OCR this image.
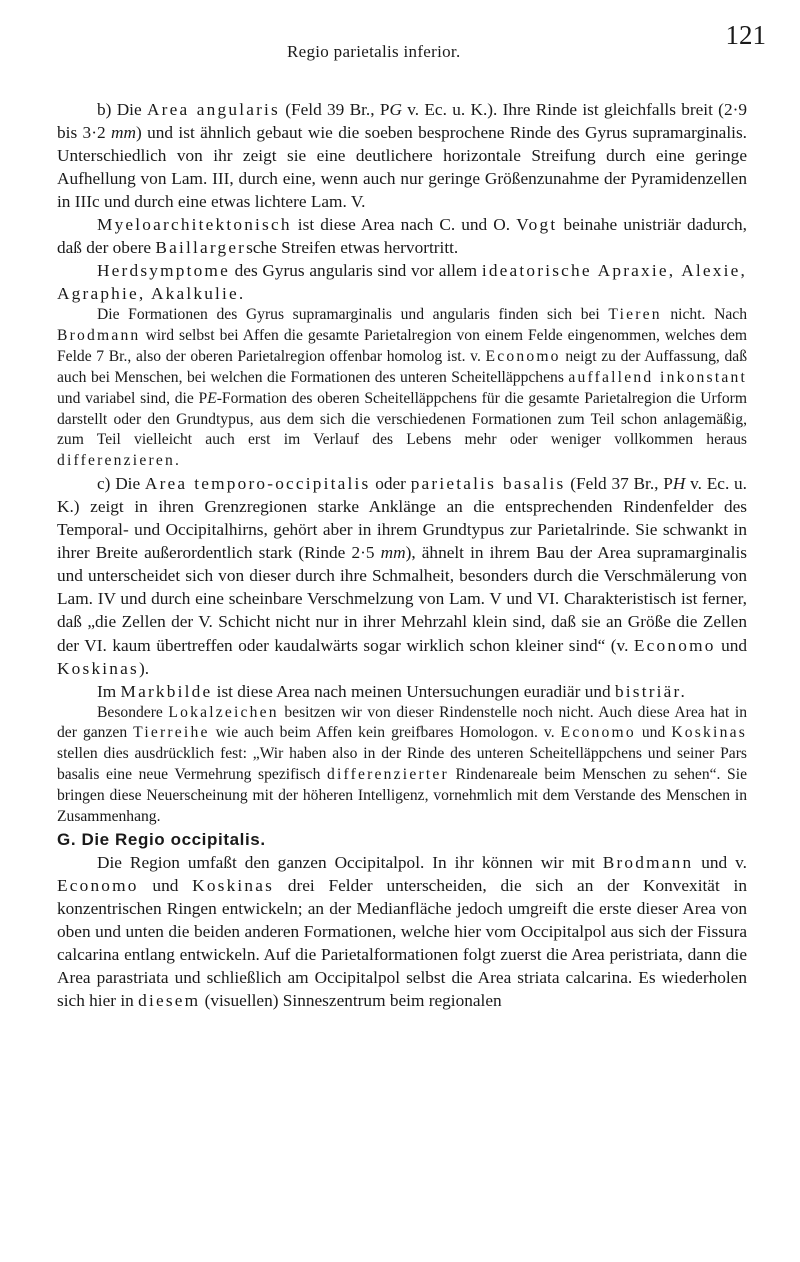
Regio parietalis inferior.
121

b) Die Area angularis (Feld 39 Br., PG v. Ec. u. K.). Ihre Rinde ist gleichfalls breit (2·9 bis 3·2 mm) und ist ähnlich gebaut wie die soeben besprochene Rinde des Gyrus supramarginalis. Unterschiedlich von ihr zeigt sie eine deutlichere horizontale Streifung durch eine geringe Aufhellung von Lam. III, durch eine, wenn auch nur geringe Größenzunahme der Pyramidenzellen in IIIc und durch eine etwas lichtere Lam. V.

Myeloarchitektonisch ist diese Area nach C. und O. Vogt beinahe unistriär dadurch, daß der obere Baillargersche Streifen etwas hervortritt.

Herdsymptome des Gyrus angularis sind vor allem ideatorische Apraxie, Alexie, Agraphie, Akalkulie.

Die Formationen des Gyrus supramarginalis und angularis finden sich bei Tieren nicht. Nach Brodmann wird selbst bei Affen die gesamte Parietalregion von einem Felde eingenommen, welches dem Felde 7 Br., also der oberen Parietalregion offenbar homolog ist. v. Economo neigt zu der Auffassung, daß auch bei Menschen, bei welchen die Formationen des unteren Scheitelläppchens auffallend inkonstant und variabel sind, die PE-Formation des oberen Scheitelläppchens für die gesamte Parietalregion die Urform darstellt oder den Grundtypus, aus dem sich die verschiedenen Formationen zum Teil schon anlagemäßig, zum Teil vielleicht auch erst im Verlauf des Lebens mehr oder weniger vollkommen heraus differenzieren.

c) Die Area temporo-occipitalis oder parietalis basalis (Feld 37 Br., PH v. Ec. u. K.) zeigt in ihren Grenzregionen starke Anklänge an die entsprechenden Rindenfelder des Temporal- und Occipitalhirns, gehört aber in ihrem Grundtypus zur Parietalrinde. Sie schwankt in ihrer Breite außerordentlich stark (Rinde 2·5 mm), ähnelt in ihrem Bau der Area supramarginalis und unterscheidet sich von dieser durch ihre Schmalheit, besonders durch die Verschmälerung von Lam. IV und durch eine scheinbare Verschmelzung von Lam. V und VI. Charakteristisch ist ferner, daß „die Zellen der V. Schicht nicht nur in ihrer Mehrzahl klein sind, daß sie an Größe die Zellen der VI. kaum übertreffen oder kaudalwärts sogar wirklich schon kleiner sind“ (v. Economo und Koskinas).

Im Markbilde ist diese Area nach meinen Untersuchungen euradiär und bistriär.

Besondere Lokalzeichen besitzen wir von dieser Rindenstelle noch nicht. Auch diese Area hat in der ganzen Tierreihe wie auch beim Affen kein greifbares Homologon. v. Economo und Koskinas stellen dies ausdrücklich fest: „Wir haben also in der Rinde des unteren Scheitelläppchens und seiner Pars basalis eine neue Vermehrung spezifisch differenzierter Rindenareale beim Menschen zu sehen“. Sie bringen diese Neuerscheinung mit der höheren Intelligenz, vornehmlich mit dem Verstande des Menschen in Zusammenhang.

G. Die Regio occipitalis.

Die Region umfaßt den ganzen Occipitalpol. In ihr können wir mit Brodmann und v. Economo und Koskinas drei Felder unterscheiden, die sich an der Konvexität in konzentrischen Ringen entwickeln; an der Medianfläche jedoch umgreift die erste dieser Area von oben und unten die beiden anderen Formationen, welche hier vom Occipitalpol aus sich der Fissura calcarina entlang entwickeln. Auf die Parietalformationen folgt zuerst die Area peristriata, dann die Area parastriata und schließlich am Occipitalpol selbst die Area striata calcarina. Es wiederholen sich hier in diesem (visuellen) Sinneszentrum beim regionalen
